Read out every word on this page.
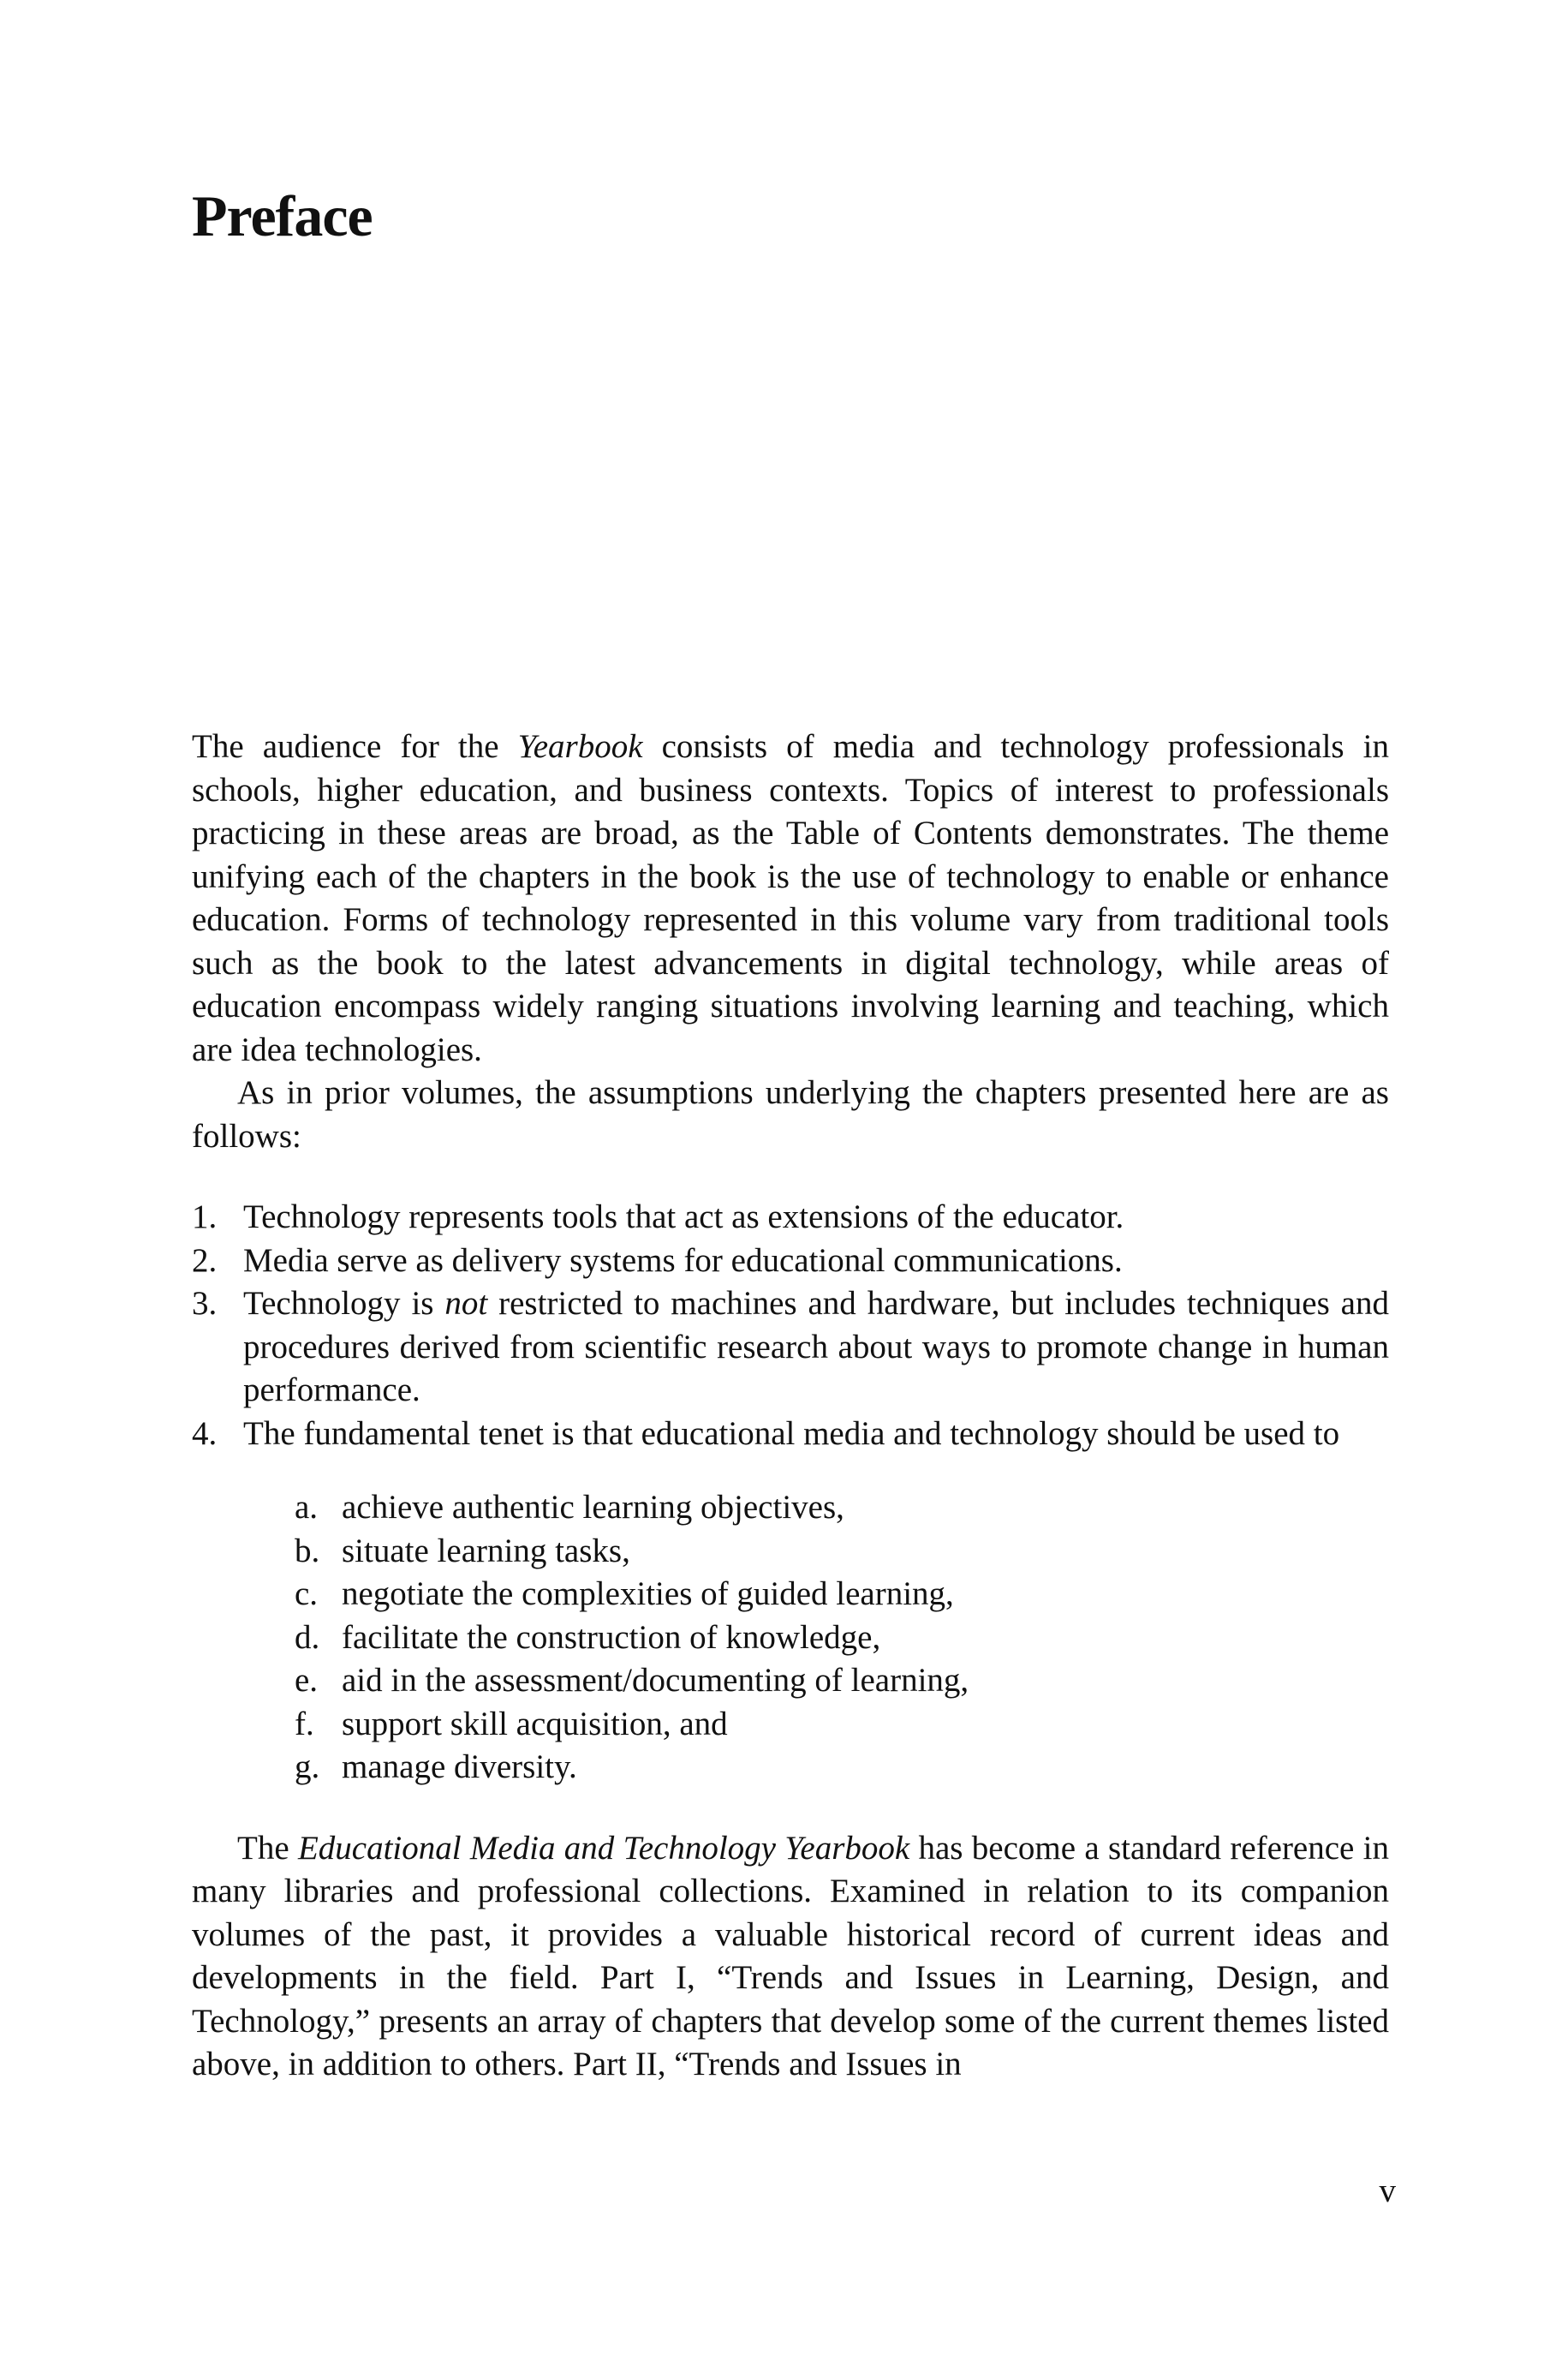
Preface

The audience for the Yearbook consists of media and technology professionals in schools, higher education, and business contexts. Topics of interest to professionals practicing in these areas are broad, as the Table of Contents demonstrates. The theme unifying each of the chapters in the book is the use of technology to enable or enhance education. Forms of technology represented in this volume vary from traditional tools such as the book to the latest advancements in digital technology, while areas of education encompass widely ranging situations involving learning and teaching, which are idea technologies.

As in prior volumes, the assumptions underlying the chapters presented here are as follows:

1. Technology represents tools that act as extensions of the educator.
2. Media serve as delivery systems for educational communications.
3. Technology is not restricted to machines and hardware, but includes techniques and procedures derived from scientific research about ways to promote change in human performance.
4. The fundamental tenet is that educational media and technology should be used to
a. achieve authentic learning objectives,
b. situate learning tasks,
c. negotiate the complexities of guided learning,
d. facilitate the construction of knowledge,
e. aid in the assessment/documenting of learning,
f. support skill acquisition, and
g. manage diversity.

The Educational Media and Technology Yearbook has become a standard reference in many libraries and professional collections. Examined in relation to its companion volumes of the past, it provides a valuable historical record of current ideas and developments in the field. Part I, “Trends and Issues in Learning, Design, and Technology,” presents an array of chapters that develop some of the current themes listed above, in addition to others. Part II, “Trends and Issues in

v
